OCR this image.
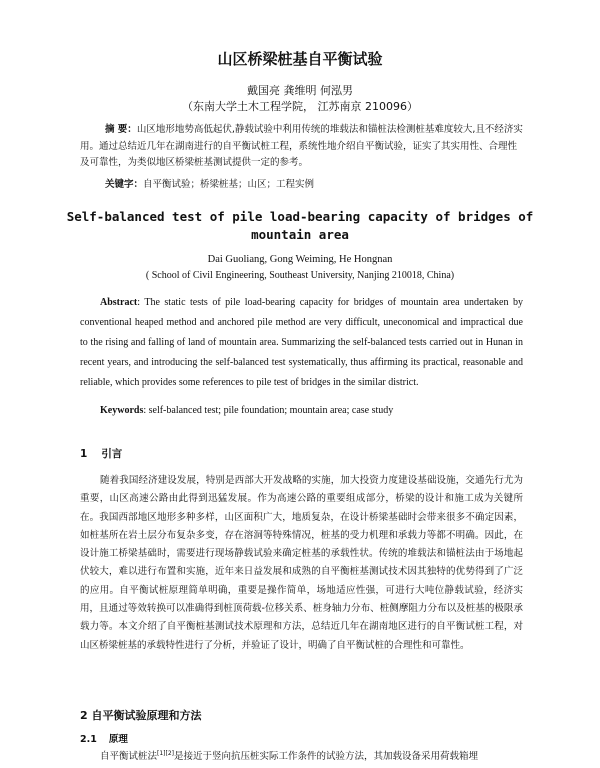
山区桥梁桩基自平衡试验
戴国亮 龚维明 何泓男
（东南大学土木工程学院， 江苏南京 210096）
摘 要：山区地形地势高低起伏,静载试验中利用传统的堆载法和锚桩法检测桩基难度较大,且不经济实用。通过总结近几年在湖南进行的自平衡试桩工程，系统性地介绍自平衡试验，证实了其实用性、合理性及可靠性，为类似地区桥梁桩基测试提供一定的参考。
关键字：自平衡试验；桥梁桩基；山区；工程实例
Self-balanced test of pile load-bearing capacity of bridges of mountain area
Dai Guoliang, Gong Weiming, He Hongnan
( School of Civil Engineering, Southeast University, Nanjing 210018, China)
Abstract: The static tests of pile load-bearing capacity for bridges of mountain area undertaken by conventional heaped method and anchored pile method are very difficult, uneconomical and impractical due to the rising and falling of land of mountain area. Summarizing the self-balanced tests carried out in Hunan in recent years, and introducing the self-balanced test systematically, thus affirming its practical, reasonable and reliable, which provides some references to pile test of bridges in the similar district.
Keywords: self-balanced test; pile foundation; mountain area; case study
1 引言
随着我国经济建设发展，特别是西部大开发战略的实施，加大投资力度建设基础设施，交通先行尤为重要，山区高速公路由此得到迅猛发展。作为高速公路的重要组成部分，桥梁的设计和施工成为关键所在。我国西部地区地形多种多样，山区面积广大，地质复杂，在设计桥梁基础时会带来很多不确定因素，如桩基所在岩土层分布复杂多变，存在溶洞等特殊情况，桩基的受力机理和承载力等都不明确。因此，在设计施工桥梁基础时，需要进行现场静载试验来确定桩基的承载性状。传统的堆载法和锚桩法由于场地起伏较大，难以进行布置和实施，近年来日益发展和成熟的自平衡桩基测试技术因其独特的优势得到了广泛的应用。自平衡试桩原理简单明确，重要是操作简单，场地适应性强，可进行大吨位静载试验，经济实用，且通过等效转换可以准确得到桩顶荷载-位移关系、桩身轴力分布、桩侧摩阻力分布以及桩基的极限承载力等。本文介绍了自平衡桩基测试技术原理和方法，总结近几年在湖南地区进行的自平衡试桩工程，对山区桥梁桩基的承载特性进行了分析，并验证了设计，明确了自平衡试桩的合理性和可靠性。
2 自平衡试验原理和方法
2.1 原理
自平衡试桩法[1][2]是接近于竖向抗压桩实际工作条件的试验方法，其加载设备采用荷载箱埋
